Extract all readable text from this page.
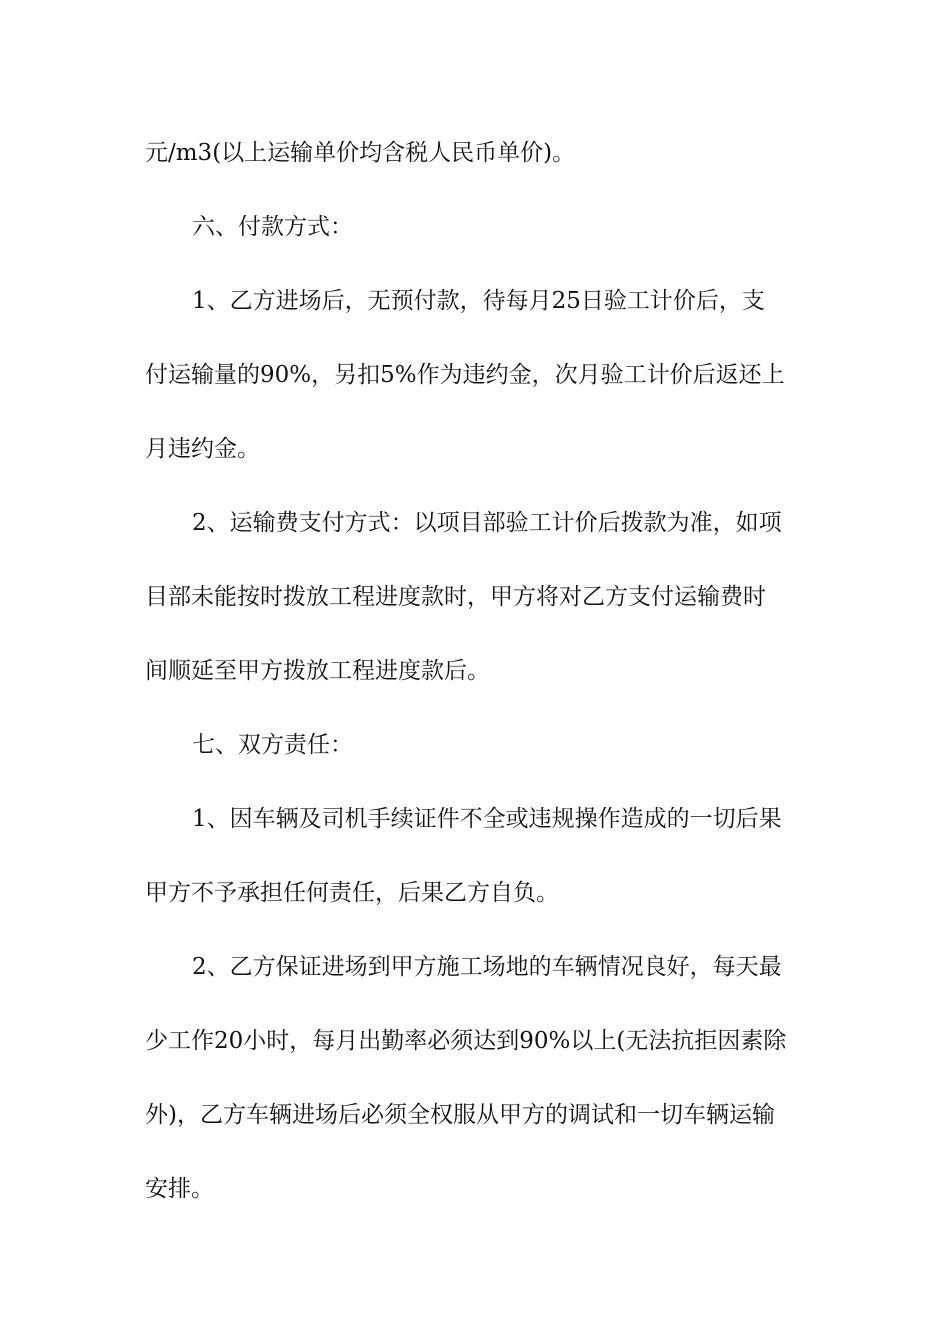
元/m3(以上运输单价均含税人民币单价)。
六、付款方式：
1、乙方进场后，无预付款，待每月25日验工计价后，支
付运输量的90%，另扣5%作为违约金，次月验工计价后返还上
月违约金。
2、运输费支付方式：以项目部验工计价后拨款为准，如项
目部未能按时拨放工程进度款时，甲方将对乙方支付运输费时
间顺延至甲方拨放工程进度款后。
七、双方责任：
1、因车辆及司机手续证件不全或违规操作造成的一切后果
甲方不予承担任何责任，后果乙方自负。
2、乙方保证进场到甲方施工场地的车辆情况良好，每天最
少工作20小时，每月出勤率必须达到90%以上(无法抗拒因素除
外)，乙方车辆进场后必须全权服从甲方的调试和一切车辆运输
安排。
